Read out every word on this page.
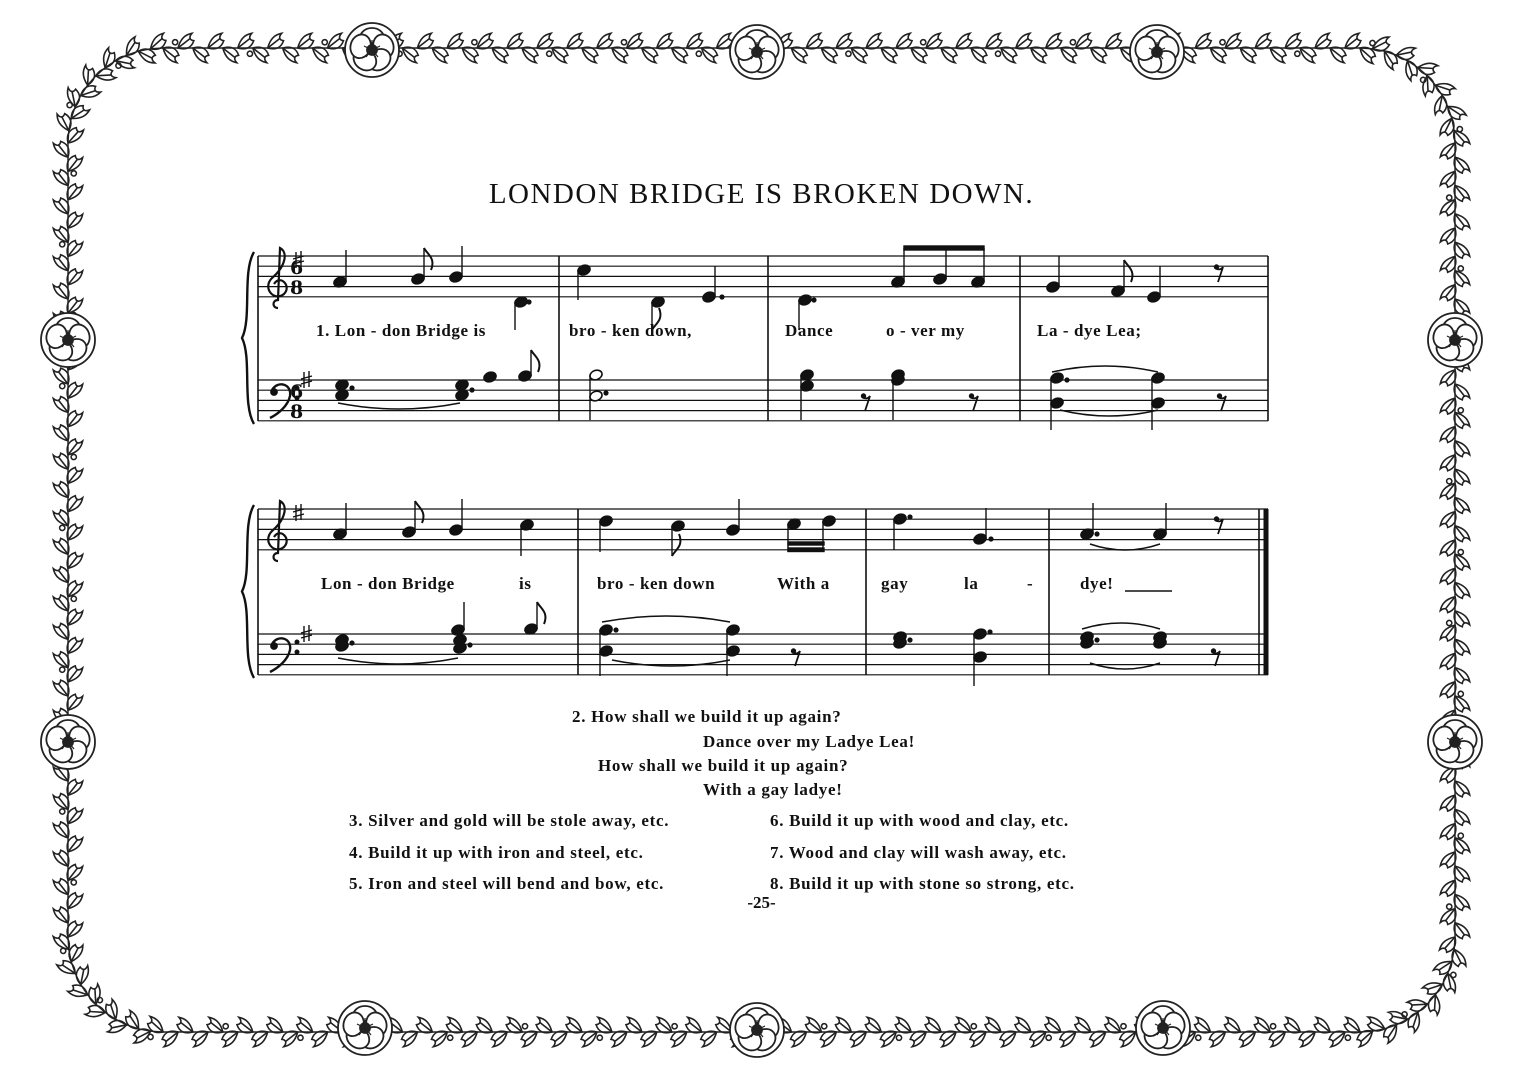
6
8
6
8
LONDON BRIDGE IS BROKEN DOWN.
1. Lon - don Bridge is	bro - ken down,	Dance	o - ver my	La - dye Lea;
Lon - don Bridge	is	bro - ken down	With a	gay	la	-	dye!
2. How shall we build it up again?
Dance over my Ladye Lea!
How shall we build it up again?
With a gay ladye!
3. Silver and gold will be stole away, etc.
4. Build it up with iron and steel, etc.
5. Iron and steel will bend and bow, etc.
6. Build it up with wood and clay, etc.
7. Wood and clay will wash away, etc.
8. Build it up with stone so strong, etc.
-25-
